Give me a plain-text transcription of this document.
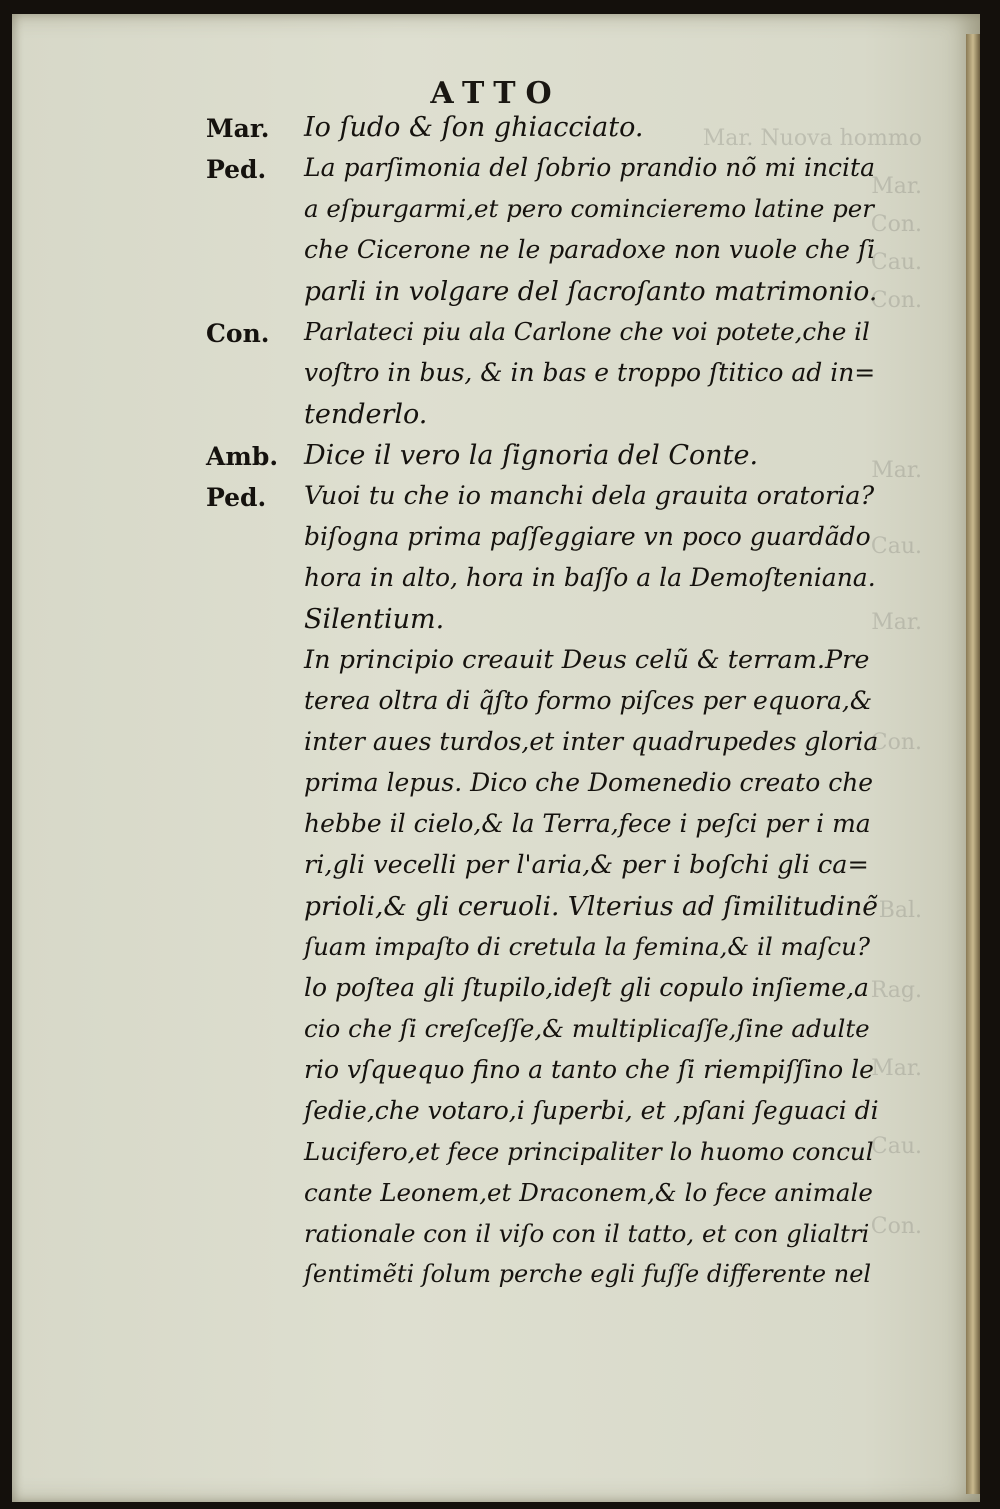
Mar. Nuova hommo
Mar.
Con.
Cau.
Con.
Mar.
Cau.
Mar.
Con.
Bal.
Rag.
Mar.
Cau.
Con.
ATTO
Mar. Io ſudo & ſon ghiacciato.
Ped. La parſimonia del ſobrio prandio nõ mi incita
a eſpurgarmi,et pero comincieremo latine per
che Cicerone ne le paradoxe non vuole che ſi
parli in volgare del ſacroſanto matrimonio.
Con. Parlateci piu ala Carlone che voi potete,che il
voſtro in bus, & in bas e troppo ſtitico ad in=
tenderlo.
Amb. Dice il vero la ſignoria del Conte.
Ped. Vuoi tu che io manchi dela grauita oratoria?
biſogna prima paſſeggiare vn poco guardãdo
hora in alto, hora in baſſo a la Demoſteniana.
Silentium.
In principio creauit Deus celũ & terram.Pre
terea oltra di q̃ſto formo piſces per equora,&
inter aues turdos,et inter quadrupedes gloria
prima lepus. Dico che Domenedio creato che
hebbe il cielo,& la Terra,fece i peſci per i ma
ri,gli vecelli per l'aria,& per i boſchi gli ca=
prioli,& gli ceruoli. Vlterius ad ſimilitudinẽ
ſuam impaſto di cretula la femina,& il maſcu?
lo poſtea gli ſtupilo,ideſt gli copulo inſieme,a
cio che ſi creſceſſe,& multiplicaſſe,ſine adulte
rio vſquequo fino a tanto che ſi riempiſſino le
ſedie,che votaro,i ſuperbi, et ,pſani ſeguaci di
Lucifero,et fece principaliter lo huomo concul
cante Leonem,et Draconem,& lo fece animale
rationale con il viſo con il tatto, et con glialtri
ſentimẽti ſolum perche egli fuſſe differente nel
